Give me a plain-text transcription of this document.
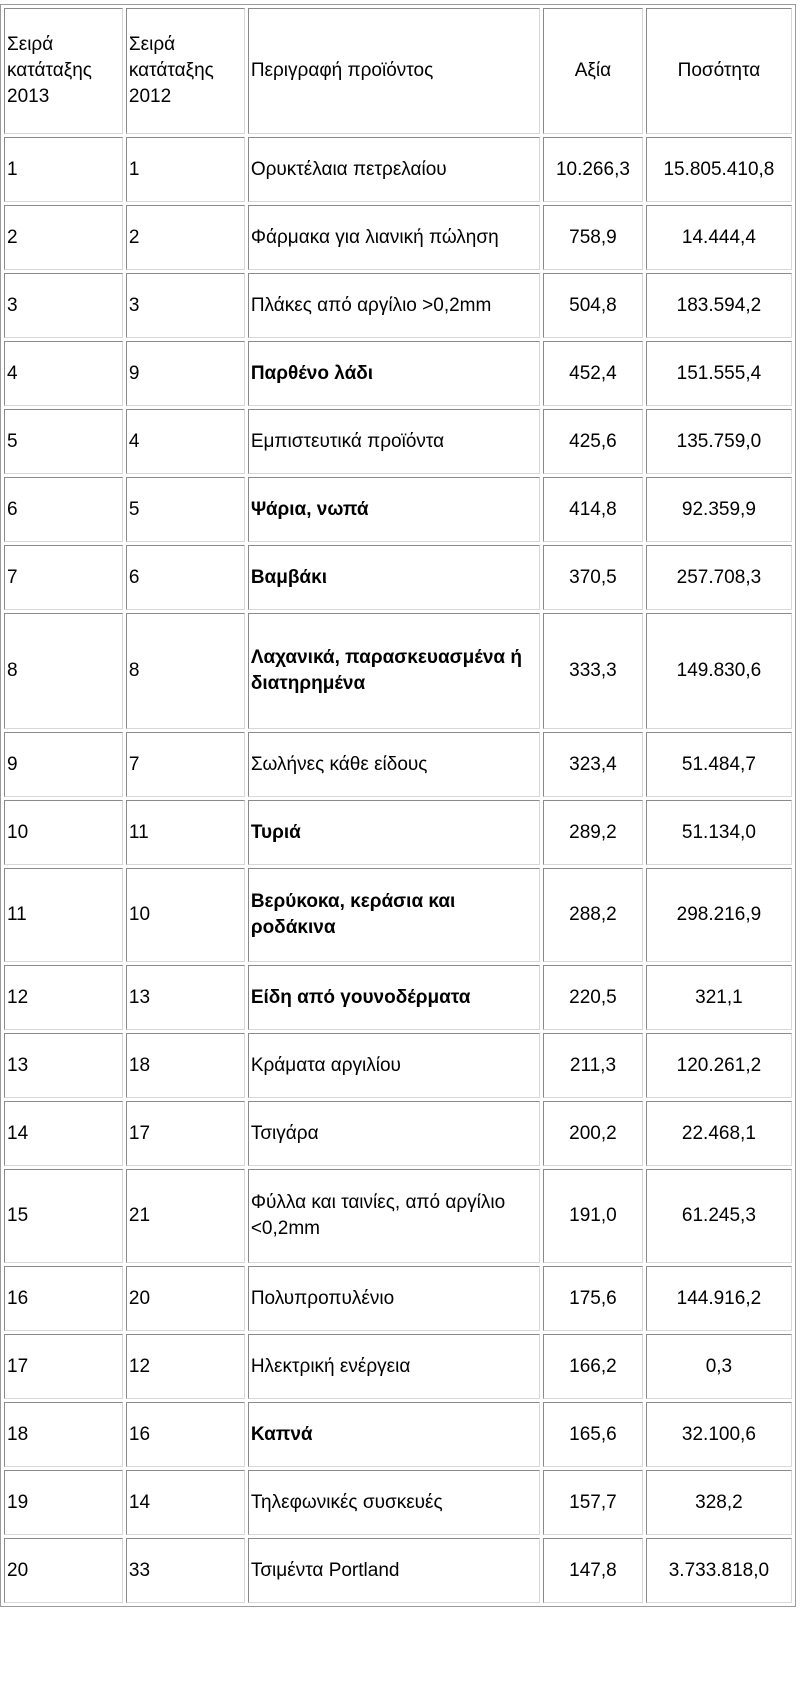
Σειρά κατάταξης 2013	Σειρά κατάταξης 2012	Περιγραφή προϊόντος	Αξία	Ποσότητα
1	1	Ορυκτέλαια πετρελαίου	10.266,3	15.805.410,8
2	2	Φάρμακα για λιανική πώληση	758,9	14.444,4
3	3	Πλάκες από αργίλιο >0,2mm	504,8	183.594,2
4	9	Παρθένο λάδι	452,4	151.555,4
5	4	Εμπιστευτικά προϊόντα	425,6	135.759,0
6	5	Ψάρια, νωπά	414,8	92.359,9
7	6	Βαμβάκι	370,5	257.708,3
8	8	Λαχανικά, παρασκευασμένα ή διατηρημένα	333,3	149.830,6
9	7	Σωλήνες κάθε είδους	323,4	51.484,7
10	11	Τυριά	289,2	51.134,0
11	10	Βερύκοκα, κεράσια και ροδάκινα	288,2	298.216,9
12	13	Είδη από γουνοδέρματα	220,5	321,1
13	18	Κράματα αργιλίου	211,3	120.261,2
14	17	Τσιγάρα	200,2	22.468,1
15	21	Φύλλα και ταινίες, από αργίλιο <0,2mm	191,0	61.245,3
16	20	Πολυπροπυλένιο	175,6	144.916,2
17	12	Ηλεκτρική ενέργεια	166,2	0,3
18	16	Καπνά	165,6	32.100,6
19	14	Τηλεφωνικές συσκευές	157,7	328,2
20	33	Τσιμέντα Portland	147,8	3.733.818,0
